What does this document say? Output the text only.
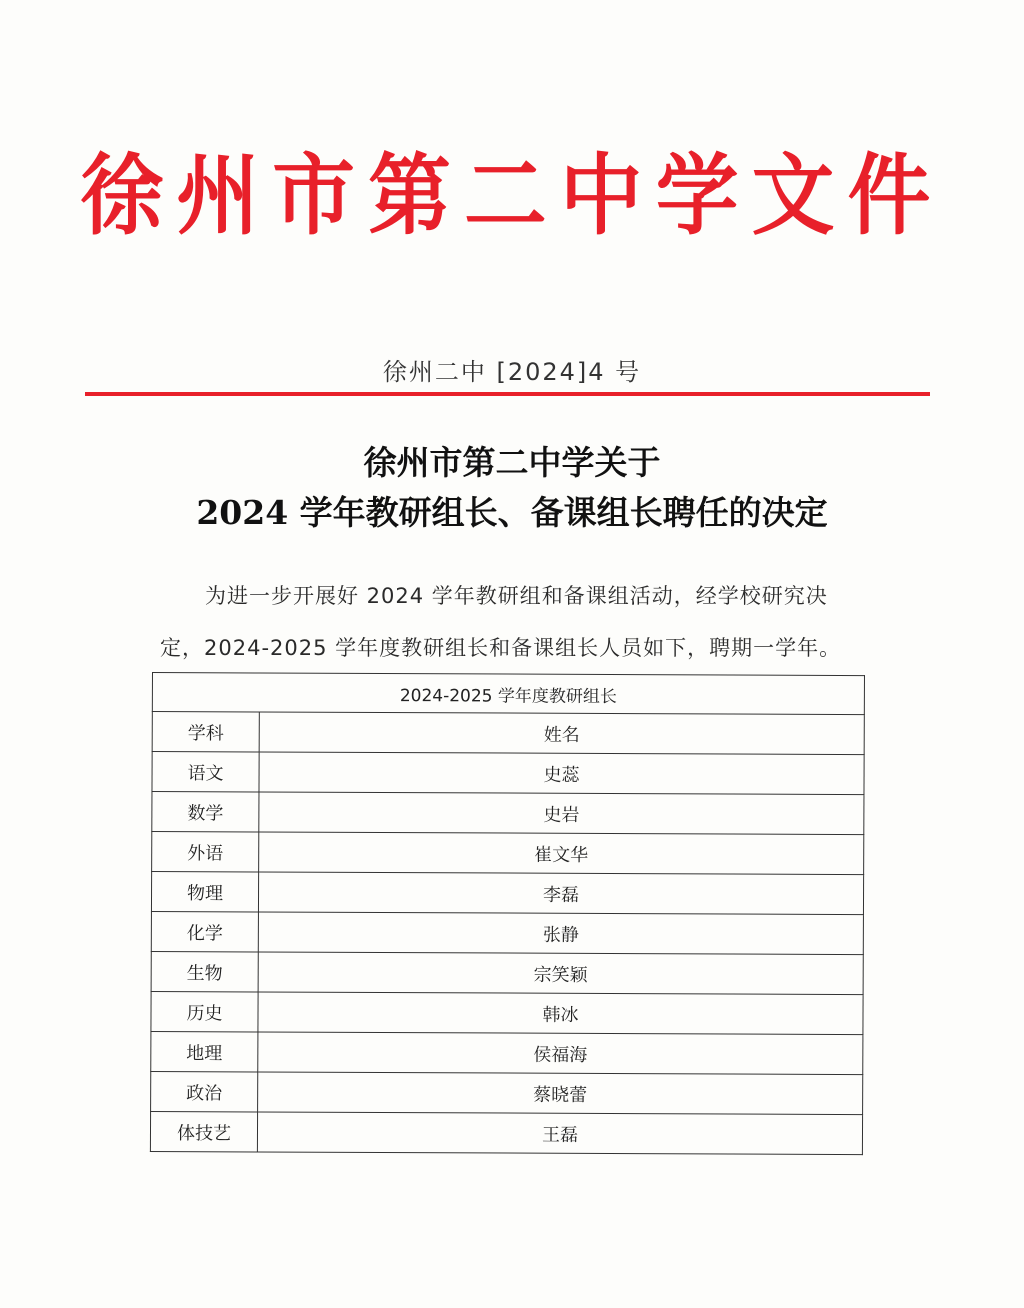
徐州市第二中学文件
徐州二中 [2024]4 号
徐州市第二中学关于
2024 学年教研组长、备课组长聘任的决定
为进一步开展好 2024 学年教研组和备课组活动，经学校研究决
定，2024-2025 学年度教研组长和备课组长人员如下，聘期一学年。
2024-2025 学年度教研组长	
学科	姓名
语文	史蕊
数学	史岩
外语	崔文华
物理	李磊
化学	张静
生物	宗笑颖
历史	韩冰
地理	侯福海
政治	蔡晓蕾
体技艺	王磊
